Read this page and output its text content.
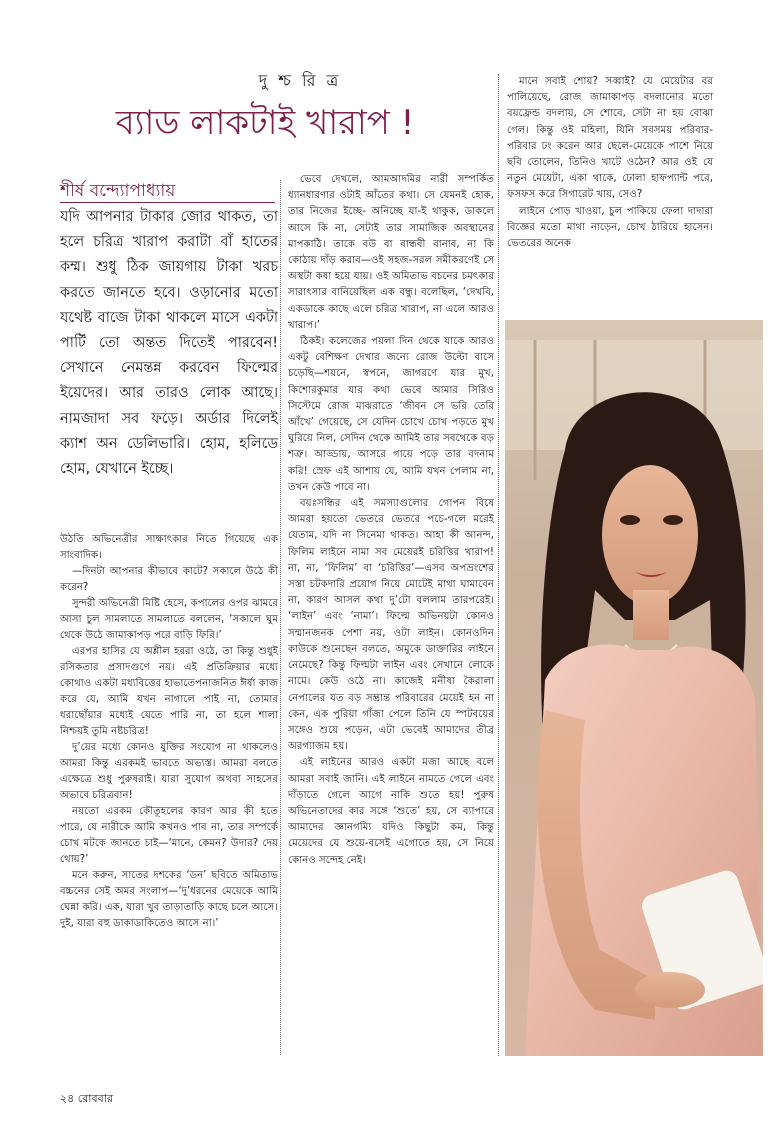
দু শ্চ রি ত্র
ব্যাড লাকটাই খারাপ !
শীর্ষ বন্দ্যোপাধ্যায়

যদি আপনার টাকার জোর থাকত, তা হলে চরিত্র খারাপ করাটা বাঁ হাতের কম্ম। শুধু ঠিক জায়গায় টাকা খরচ করতে জানতে হবে। ওড়ানোর মতো যথেষ্ট বাজে টাকা থাকলে মাসে একটা পার্টি তো অন্তত দিতেই পারবেন! সেখানে নেমন্তন্ন করবেন ফিল্মের ইয়েদের। আর তারও লোক আছে। নামজাদা সব ফড়ে। অর্ডার দিলেই ক্যাশ অন ডেলিভারি। হোম, হলিডে হোম, যেখানে ইচ্ছে।

উঠতি অভিনেত্রীর সাক্ষাৎকার নিতে গিয়েছে এক সাংবাদিক।

—দিনটা আপনার কীভাবে কাটে? সকালে উঠে কী করেন?

সুন্দরী অভিনেত্রী মিষ্টি হেসে, কপালের ওপর ঝামরে আসা চুল সামলাতে সামলাতে বললেন, ‘সকালে ঘুম থেকে উঠে জামাকাপড় পরে বাড়ি ফিরি।’

এরপর হাসির যে অশ্লীল হররা ওঠে, তা কিন্তু শুধুই রসিকতার প্রসাদগুণে নয়। এই প্রতিক্রিয়ার মধ্যে কোথাও একটা মধ্যবিত্তের হাভাতেপনাজনিত ঈর্ষা কাজ করে যে, আমি যখন নাগালে পাই না, তোমার ধরাছোঁয়ার মধ্যেই যেতে পারি না, তা হলে শালা নিশ্চয়ই তুমি নষ্টচরিত্র!

দু’য়ের মধ্যে কোনও যুক্তির সংযোগ না থাকলেও আমরা কিন্তু এরকমই ভাবতে অভ্যস্ত। আমরা বলতে এক্ষেত্রে শুধু পুরুষরাই। যারা সুযোগ অথবা সাহসের অভাবে চরিত্রবান!

নয়তো এরকম কৌতূহলের কারণ আর কী হতে পারে, যে নারীকে আমি কখনও পাব না, তার সম্পর্কে চোখ মটকে জানতে চাই—‘মানে, কেমন? উদার? দেয় থোয়?’

মনে করুন, সাতের দশকের ‘ডন’ ছবিতে অমিতাভ বচ্চনের সেই অমর সংলাপ—‘দু’ধরনের মেয়েকে আমি ঘেন্না করি। এক, যারা খুব তাড়াতাড়ি কাছে চলে আসে। দুই, যারা বহু ডাকাডাকিতেও আসে না।’

ভেবে দেখলে, আমআদমির নারী সম্পর্কিত ধ্যানধারণার ওটাই আঁতের কথা। সে যেমনই হোক, তার নিজের ইচ্ছে- অনিচ্ছে যা-ই থাকুক, ডাকলে আসে কি না, সেটাই তার সামাজিক অবস্থানের মাপকাঠি। তাকে বউ বা বান্ধবী বানাব, না কি কোঠায় দাঁড় করাব—ওই সহজ-সরল সমীকরণেই সে অস্থটা কষা হয়ে যায়। ওই অমিতাভ বচনের চমৎকার সারাৎসার বানিয়েছিল এক বন্ধু। বলেছিল, ‘দেখবি, একডাকে কাছে এলে চরিত্র খারাপ, না এলে আরও খারাপ।’

ঠিকই। কলেজের পয়লা দিন থেকে যাকে আরও একটু বেশিক্ষণ দেখার জন্যে রোজ উল্টো বাসে চড়েছি—শয়নে, স্বপনে, জাগরণে যার মুখ, কিশোরকুমার যার কথা ভেবে আমার সিরিও সিস্টেমে রোজ মাঝরাতে ‘জীবন সে ভরি তেরি আঁখে’ গেয়েছে, সে যেদিন চোখে চোখ পড়তে মুখ ঘুরিয়ে নিল, সেদিন থেকে আমিই তার সবথেকে বড় শত্রু। আড্ডায়, আসরে গায়ে পড়ে তার বদনাম করি! স্রেফ এই আশায় যে, আমি যখন পেলাম না, তখন কেউ পাবে না।

বয়ঃসন্ধির এই সমস্যাগুলোর গোপন বিষে আমরা হয়তো ভেতরে ভেতরে পচে-গলে মরেই যেতাম, যদি না সিনেমা থাকত। আহা কী আনন্দ, ফিলিম লাইনে নামা সব মেয়েরই চরিত্তির খারাপ! না, না, ‘ফিলিম’ বা ‘চরিত্তির’—এসব অপভ্রংশের সস্তা চটকদারি প্রয়োগ নিয়ে মোটেই মাথা ঘামাবেন না, কারণ আসল কথা দু’টো বললাম তারপরেই। ‘লাইন’ এবং ‘নামা’। ফিল্মে অভিনয়টা কোনও সম্মানজনক পেশা নয়, ওটা লাইন। কোনওদিন কাউকে শুনেছেন বলতে, অমুকে ডাক্তারির লাইনে নেমেছে? কিন্তু ফিল্মটা লাইন এবং সেখানে লোকে নামে। কেউ ওঠে না। কাজেই মনীষা কৈরালা নেপালের যত বড় সম্ভ্রান্ত পরিবারের মেয়েই হন না কেন, এক পুরিয়া গাঁজা পেলে তিনি যে স্পটবয়ের সঙ্গেও শুয়ে পড়েন, এটা ভেবেই আমাদের তীব্র অরগ্যাজম হয়।

এই লাইনের আরও একটা মজা আছে বলে আমরা সবাই জানি। এই লাইনে নামতে গেলে এবং দাঁড়াতে গেলে আগে নাকি শুতে হয়! পুরুষ অভিনেতাদের কার সঙ্গে ‘শুতে’ হয়, সে ব্যাপারে আমাদের জ্ঞানগম্যি যদিও কিছুটা কম, কিন্তু মেয়েদের যে শুয়ে-বসেই এগোতে হয়, সে নিয়ে কোনও সন্দেহ নেই।

মানে সবাই শোয়? সব্বাই? যে মেয়েটার বর পালিয়েছে, রোজ জামাকাপড় বদলানোর মতো বয়ফ্রেন্ড বদলায়, সে শোবে, সেটা না হয় বোঝা গেল। কিন্তু ওই মহিলা, যিনি সবসময় পরিবার-পরিবার ঢং করেন আর ছেলে-মেয়েকে পাশে নিয়ে ছবি তোলেন, তিনিও খাটে ওঠেন? আর ওই যে নতুন মেয়েটা, একা থাকে, ঢোলা হাফপ্যান্ট পরে, ফসফস করে সিগারেট খায়, সেও?

লাইনে পোড় খাওয়া, চুল পাকিয়ে ফেলা দাদারা বিজ্ঞের মতো মাথা নাড়েন, চোখ ঠারিয়ে হাসেন। ভেতরের অনেক

২৪ রোববার
